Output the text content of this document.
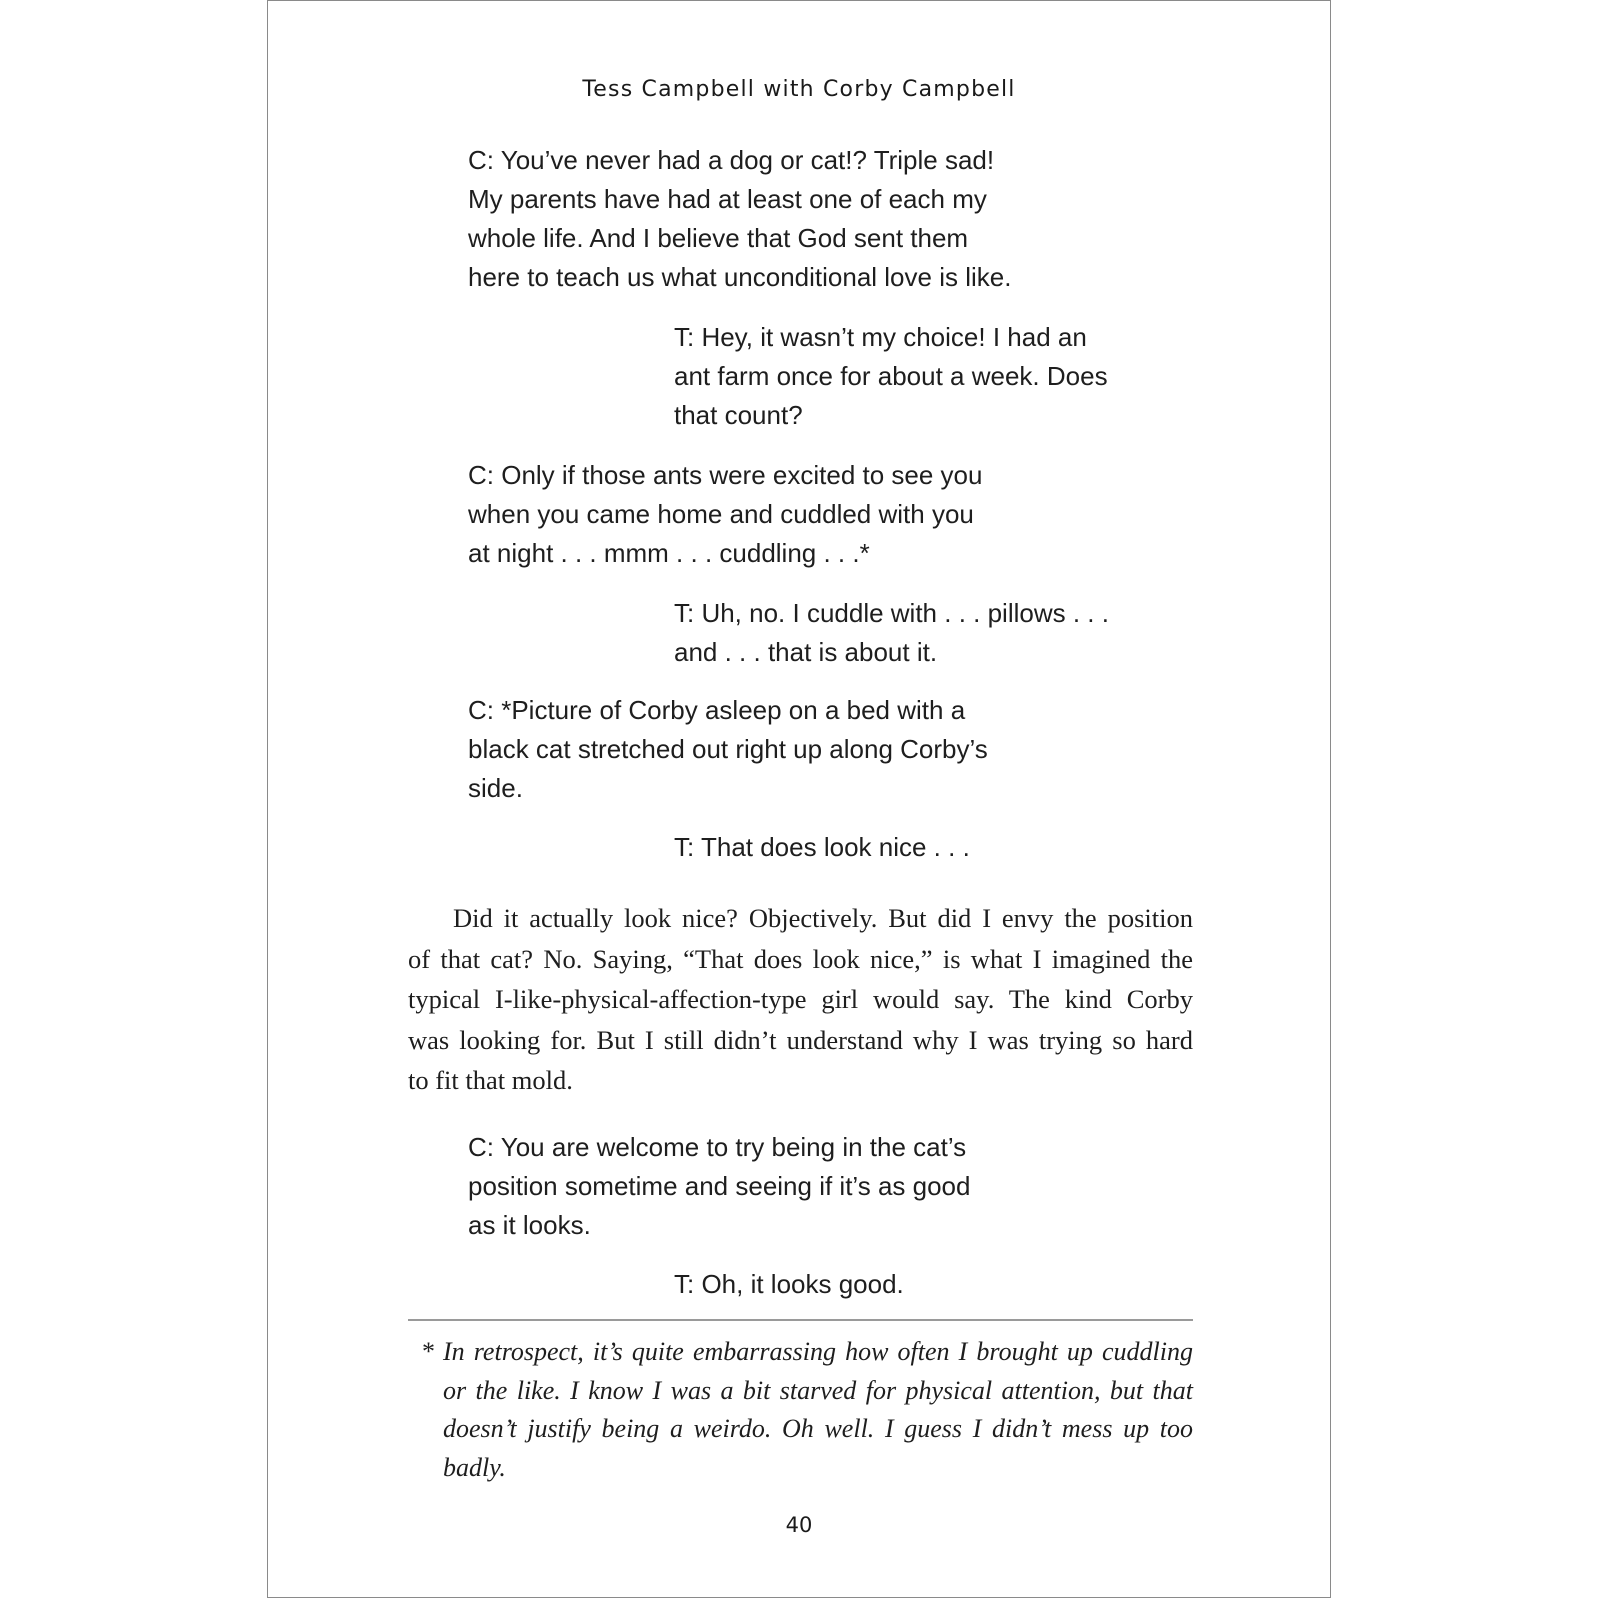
Tess Campbell with Corby Campbell
C: You’ve never had a dog or cat!? Triple sad!
My parents have had at least one of each my
whole life. And I believe that God sent them
here to teach us what unconditional love is like.
T: Hey, it wasn’t my choice! I had an
ant farm once for about a week. Does
that count?
C: Only if those ants were excited to see you
when you came home and cuddled with you
at night . . . mmm . . . cuddling . . .*
T: Uh, no. I cuddle with . . . pillows . . .
and . . . that is about it.
C: *Picture of Corby asleep on a bed with a
black cat stretched out right up along Corby’s
side.
T: That does look nice . . .
Did it actually look nice? Objectively. But did I envy the position
of that cat? No. Saying, “That does look nice,” is what I imagined the
typical I-like-physical-affection-type girl would say. The kind Corby
was looking for. But I still didn’t understand why I was trying so hard
to fit that mold.
C: You are welcome to try being in the cat’s
position sometime and seeing if it’s as good
as it looks.
T: Oh, it looks good.
* In retrospect, it’s quite embarrassing how often I brought up cuddling
or the like. I know I was a bit starved for physical attention, but that
doesn’t justify being a weirdo. Oh well. I guess I didn’t mess up too
badly.
40
